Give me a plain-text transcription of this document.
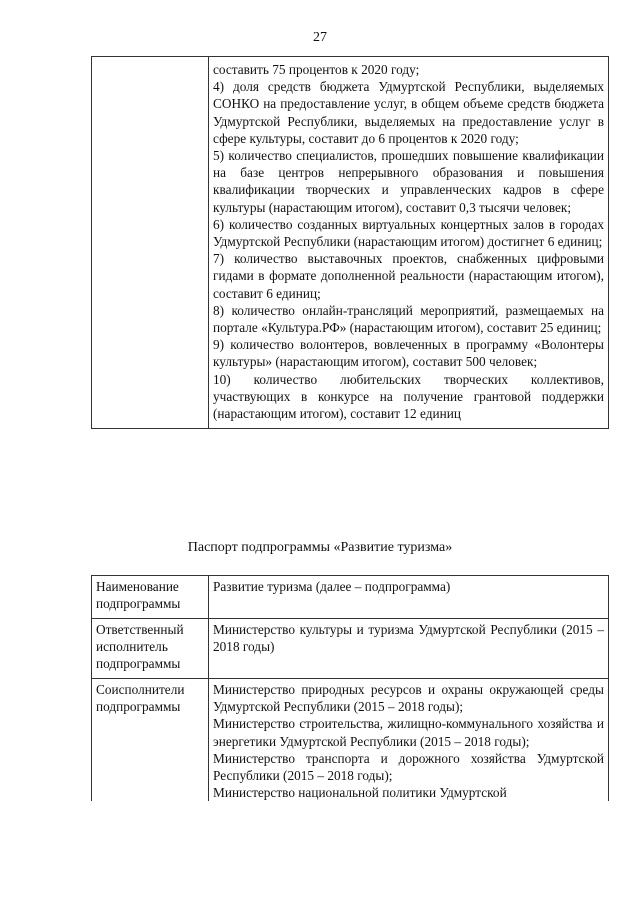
27

составить 75 процентов к 2020 году;

4) доля средств бюджета Удмуртской Республики, выделяемых СОНКО на предоставление услуг, в общем объеме средств бюджета Удмуртской Республики, выделяемых на предоставление услуг в сфере культуры, составит до 6 процентов к 2020 году;

5) количество специалистов, прошедших повышение квалификации на базе центров непрерывного образования и повышения квалификации творческих и управленческих кадров в сфере культуры (нарастающим итогом), составит 0,3 тысячи человек;

6) количество созданных виртуальных концертных залов в городах Удмуртской Республики (нарастающим итогом) достигнет 6 единиц;

7) количество выставочных проектов, снабженных цифровыми гидами в формате дополненной реальности (нарастающим итогом), составит 6 единиц;

8) количество онлайн-трансляций мероприятий, размещаемых на портале «Культура.РФ» (нарастающим итогом), составит 25 единиц;

9) количество волонтеров, вовлеченных в программу «Волонтеры культуры» (нарастающим итогом), составит 500 человек;

10) количество любительских творческих коллективов, участвующих в конкурсе на получение грантовой поддержки (нарастающим итогом), составит 12 единиц

Паспорт подпрограммы «Развитие туризма»
Наименование подпрограммы	Развитие туризма (далее – подпрограмма)
Ответственный исполнитель подпрограммы	Министерство культуры и туризма Удмуртской Республики (2015 – 2018 годы)
Соисполнители подпрограммы	Министерство природных ресурсов и охраны окружающей среды Удмуртской Республики (2015 – 2018 годы);

Министерство строительства, жилищно-коммунального хозяйства и энергетики Удмуртской Республики (2015 – 2018 годы);

Министерство транспорта и дорожного хозяйства Удмуртской Республики (2015 – 2018 годы);

Министерство национальной политики Удмуртской
